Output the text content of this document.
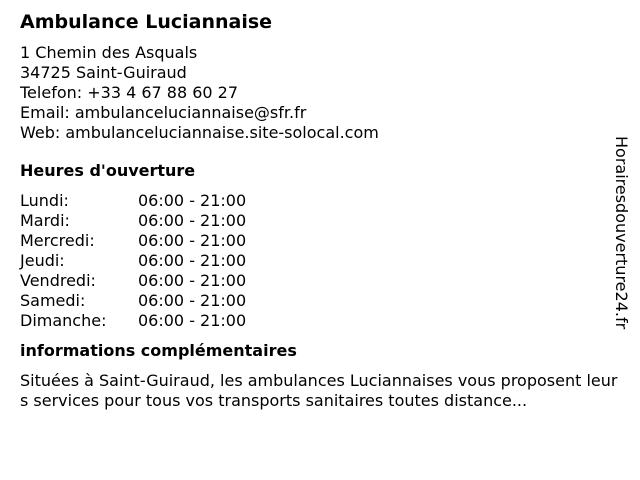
Ambulance Luciannaise
1 Chemin des Asquals
34725 Saint-Guiraud
Telefon: +33 4 67 88 60 27
Email: ambulanceluciannaise@sfr.fr
Web: ambulanceluciannaise.site-solocal.com
Heures d'ouverture
Lundi:	06:00 - 21:00
Mardi:	06:00 - 21:00
Mercredi:	06:00 - 21:00
Jeudi:	06:00 - 21:00
Vendredi:	06:00 - 21:00
Samedi:	06:00 - 21:00
Dimanche:	06:00 - 21:00
informations complémentaires

Situées à Saint-Guiraud, les ambulances Luciannaises vous proposent leurs services pour tous vos transports sanitaires toutes distance...

Horairesdouverture24.fr
